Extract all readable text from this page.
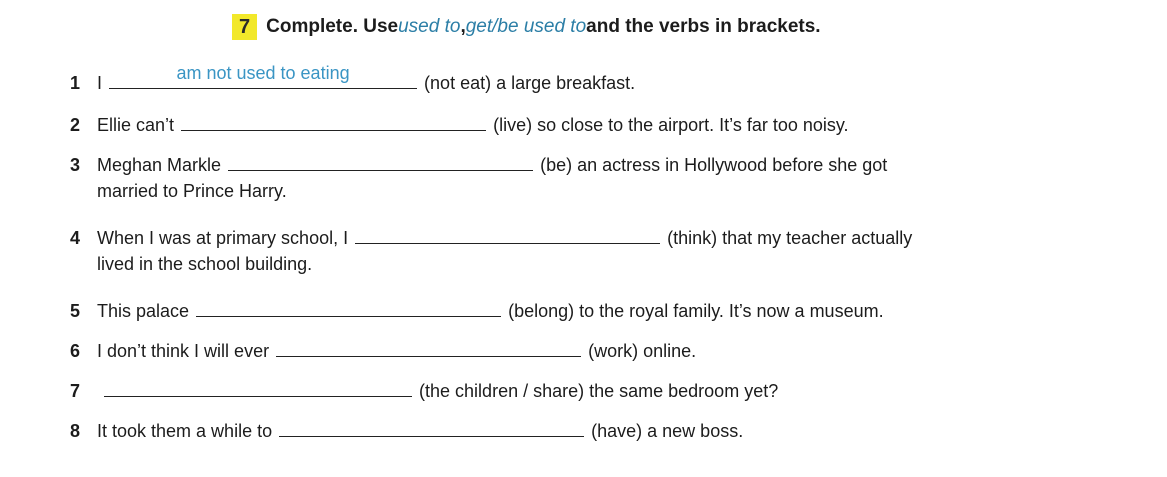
7 Complete. Use used to , get/be used to and the verbs in brackets.
1 I	am not used to eating	(not eat) a large breakfast.
2 Ellie can’t	(live) so close to the airport. It’s far too noisy.
3 Meghan Markle	(be) an actress in Hollywood before she got
married to Prince Harry.
4 When I was at primary school, I	(think) that my teacher actually
lived in the school building.
5 This palace	(belong) to the royal family. It’s now a museum.
6 I don’t think I will ever	(work) online.
7	(the children / share) the same bedroom yet?
8 It took them a while to	(have) a new boss.
